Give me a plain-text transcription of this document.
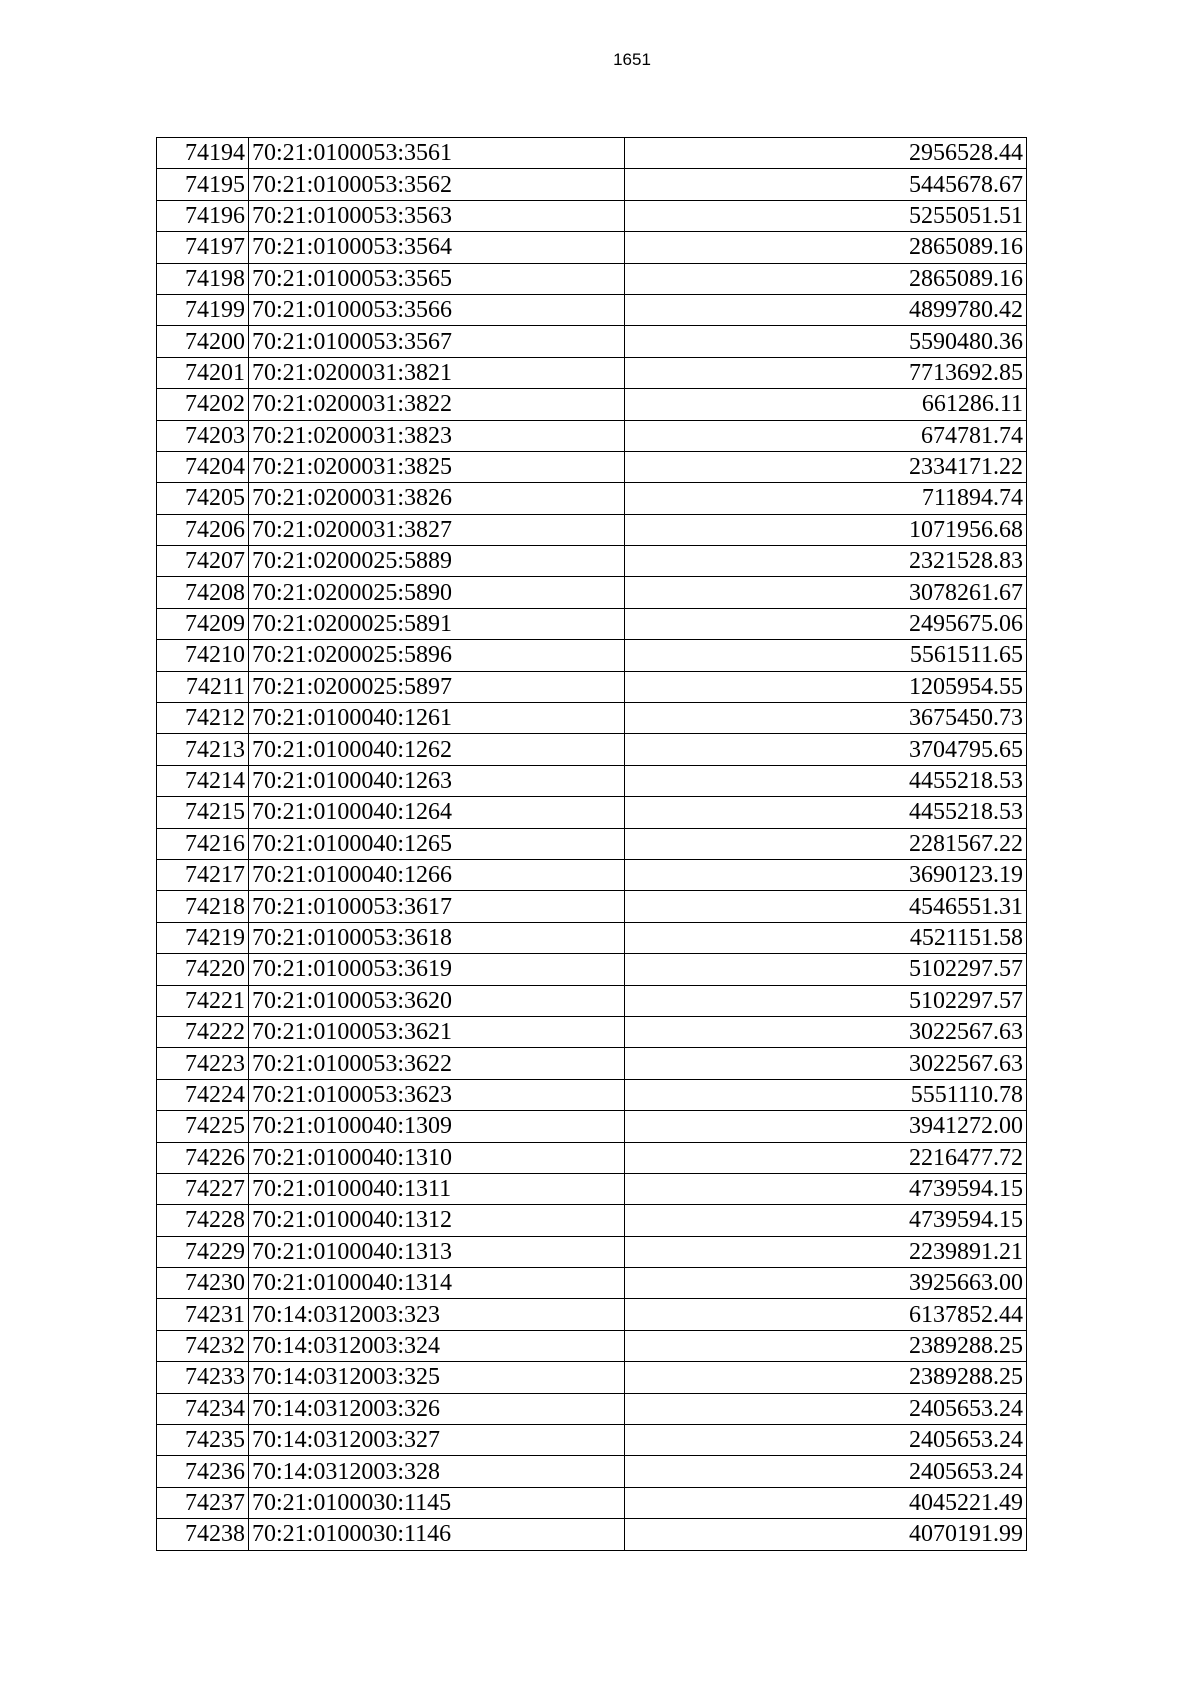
1651
74194	70:21:0100053:3561	2956528.44
74195	70:21:0100053:3562	5445678.67
74196	70:21:0100053:3563	5255051.51
74197	70:21:0100053:3564	2865089.16
74198	70:21:0100053:3565	2865089.16
74199	70:21:0100053:3566	4899780.42
74200	70:21:0100053:3567	5590480.36
74201	70:21:0200031:3821	7713692.85
74202	70:21:0200031:3822	661286.11
74203	70:21:0200031:3823	674781.74
74204	70:21:0200031:3825	2334171.22
74205	70:21:0200031:3826	711894.74
74206	70:21:0200031:3827	1071956.68
74207	70:21:0200025:5889	2321528.83
74208	70:21:0200025:5890	3078261.67
74209	70:21:0200025:5891	2495675.06
74210	70:21:0200025:5896	5561511.65
74211	70:21:0200025:5897	1205954.55
74212	70:21:0100040:1261	3675450.73
74213	70:21:0100040:1262	3704795.65
74214	70:21:0100040:1263	4455218.53
74215	70:21:0100040:1264	4455218.53
74216	70:21:0100040:1265	2281567.22
74217	70:21:0100040:1266	3690123.19
74218	70:21:0100053:3617	4546551.31
74219	70:21:0100053:3618	4521151.58
74220	70:21:0100053:3619	5102297.57
74221	70:21:0100053:3620	5102297.57
74222	70:21:0100053:3621	3022567.63
74223	70:21:0100053:3622	3022567.63
74224	70:21:0100053:3623	5551110.78
74225	70:21:0100040:1309	3941272.00
74226	70:21:0100040:1310	2216477.72
74227	70:21:0100040:1311	4739594.15
74228	70:21:0100040:1312	4739594.15
74229	70:21:0100040:1313	2239891.21
74230	70:21:0100040:1314	3925663.00
74231	70:14:0312003:323	6137852.44
74232	70:14:0312003:324	2389288.25
74233	70:14:0312003:325	2389288.25
74234	70:14:0312003:326	2405653.24
74235	70:14:0312003:327	2405653.24
74236	70:14:0312003:328	2405653.24
74237	70:21:0100030:1145	4045221.49
74238	70:21:0100030:1146	4070191.99
